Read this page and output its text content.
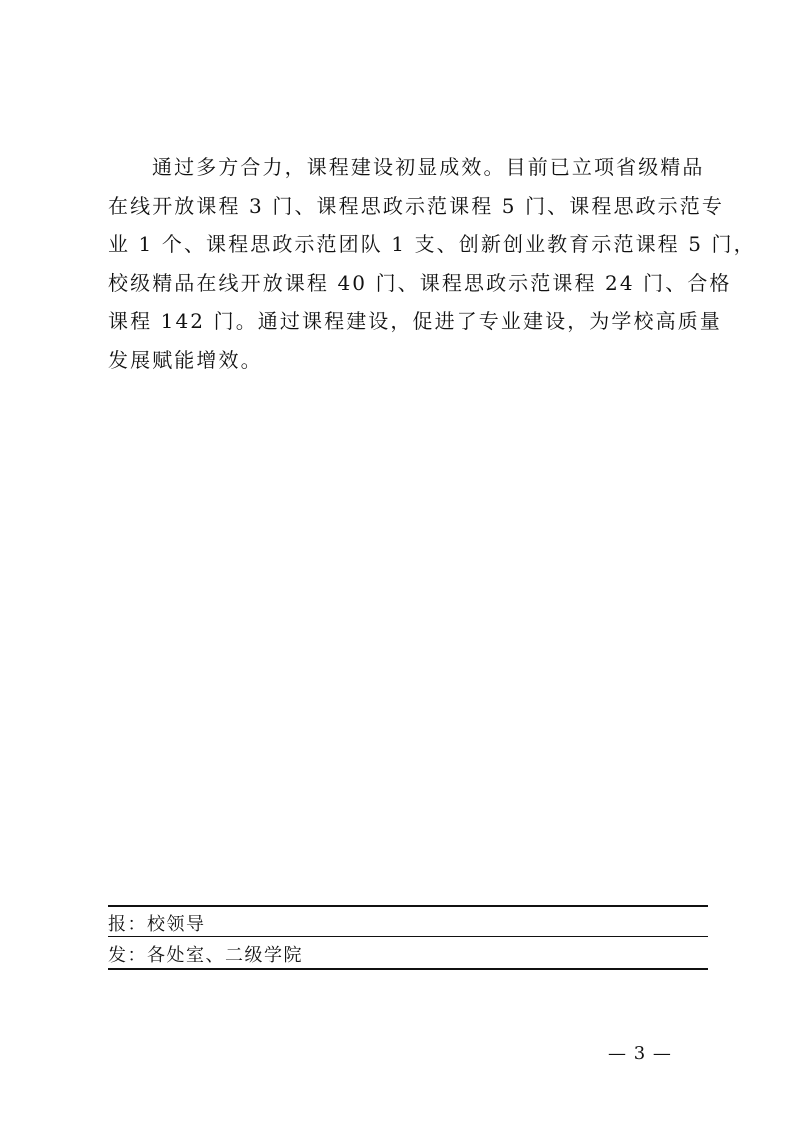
通过多方合力，课程建设初显成效。目前已立项省级精品
在线开放课程 3 门、课程思政示范课程 5 门、课程思政示范专
业 1 个、课程思政示范团队 1 支、创新创业教育示范课程 5 门，
校级精品在线开放课程 40 门、课程思政示范课程 24 门、合格
课程 142 门。通过课程建设，促进了专业建设，为学校高质量
发展赋能增效。
报：校领导
发：各处室、二级学院
— 3 —
